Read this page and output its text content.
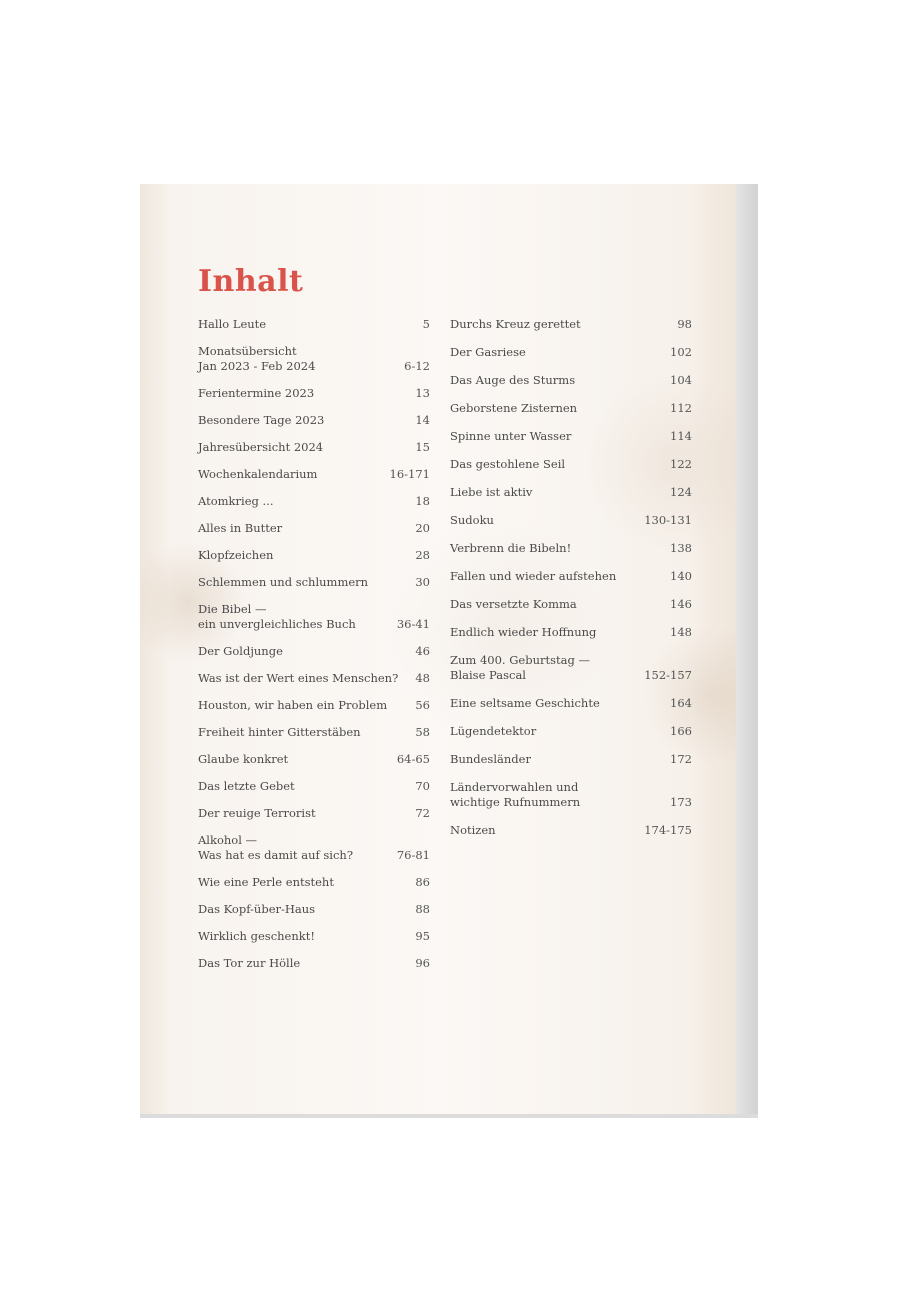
Inhalt
Hallo Leute	5
Monatsübersicht
Jan 2023 - Feb 2024	6-12
Ferientermine 2023	13
Besondere Tage 2023	14
Jahresübersicht 2024	15
Wochenkalendarium	16-171
Atomkrieg ...	18
Alles in Butter	20
Klopfzeichen	28
Schlemmen und schlummern	30
Die Bibel —
ein unvergleichliches Buch	36-41
Der Goldjunge	46
Was ist der Wert eines Menschen?	48
Houston, wir haben ein Problem	56
Freiheit hinter Gitterstäben	58
Glaube konkret	64-65
Das letzte Gebet	70
Der reuige Terrorist	72
Alkohol —
Was hat es damit auf sich?	76-81
Wie eine Perle entsteht	86
Das Kopf-über-Haus	88
Wirklich geschenkt!	95
Das Tor zur Hölle	96
Durchs Kreuz gerettet	98
Der Gasriese	102
Das Auge des Sturms	104
Geborstene Zisternen	112
Spinne unter Wasser	114
Das gestohlene Seil	122
Liebe ist aktiv	124
Sudoku	130-131
Verbrenn die Bibeln!	138
Fallen und wieder aufstehen	140
Das versetzte Komma	146
Endlich wieder Hoffnung	148
Zum 400. Geburtstag —
Blaise Pascal	152-157
Eine seltsame Geschichte	164
Lügendetektor	166
Bundesländer	172
Ländervorwahlen und
wichtige Rufnummern	173
Notizen	174-175
